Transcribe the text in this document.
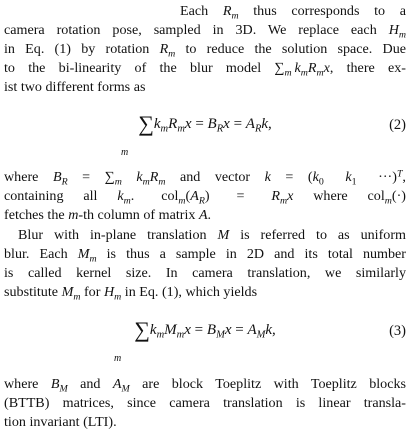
Each $R_m$ thus corresponds to a
camera rotation pose, sampled in 3D. We replace each $H_m$
in Eq. (1) by rotation $R_m$ to reduce the solution space. Due
to the bi-linearity of the blur model $\sum_m$  $k_mR_mx$, there ex-
ist two different forms as

$\sum k_mR_mx = B_Rx = A_Rk$,
m
(2)

where $B_R = \sum_m$ $k_mR_m$ and vector $k = (k_0$   $k_1$  ···)$^T$,
containing all $k_m$.  $col_m(A_R)$  =  $R_mx$ where col$_m$(·)
fetches the m-th column of matrix A.

Blur with in-plane translation M is referred to as uniform
blur. Each $M_m$ is thus a sample in 2D and its total number
is called kernel size. In camera translation, we similarly
substitute $M_m$ for $H_m$ in Eq. (1), which yields

$\sum k_mM_mx = B_Mx = A_Mk$,
m
(3)

where $B_M$ and $A_M$ are block Toeplitz with Toeplitz blocks
(BTTB) matrices, since camera translation is linear transla-
tion invariant (LTI).
